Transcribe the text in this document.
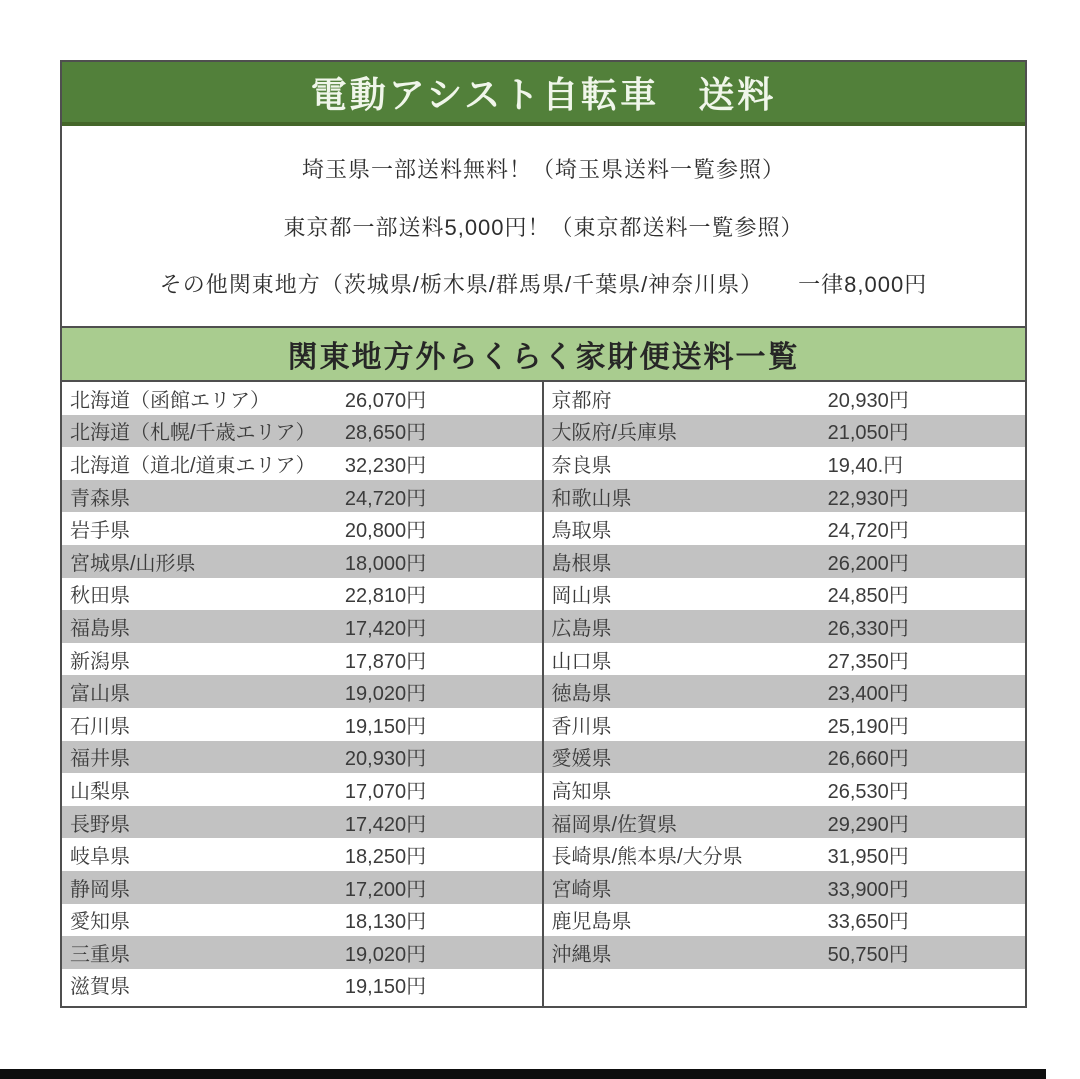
電動アシスト自転車　送料
埼玉県一部送料無料！（埼玉県送料一覧参照）
東京都一部送料5,000円！（東京都送料一覧参照）
その他関東地方（茨城県/栃木県/群馬県/千葉県/神奈川県）　　一律8,000円
関東地方外らくらく家財便送料一覧
北海道（函館エリア）	26,070円
北海道（札幌/千歳エリア） 28,650円
北海道（道北/道東エリア） 32,230円
青森県	24,720円
岩手県	20,800円
宮城県/山形県	18,000円
秋田県	22,810円
福島県	17,420円
新潟県	17,870円
富山県	19,020円
石川県	19,150円
福井県	20,930円
山梨県	17,070円
長野県	17,420円
岐阜県	18,250円
静岡県	17,200円
愛知県	18,130円
三重県	19,020円
滋賀県	19,150円
京都府	20,930円
大阪府/兵庫県	21,050円
奈良県	19,40.円
和歌山県	22,930円
鳥取県	24,720円
島根県	26,200円
岡山県	24,850円
広島県	26,330円
山口県	27,350円
徳島県	23,400円
香川県	25,190円
愛媛県	26,660円
高知県	26,530円
福岡県/佐賀県	29,290円
長崎県/熊本県/大分県	31,950円
宮崎県	33,900円
鹿児島県	33,650円
沖縄県	50,750円
